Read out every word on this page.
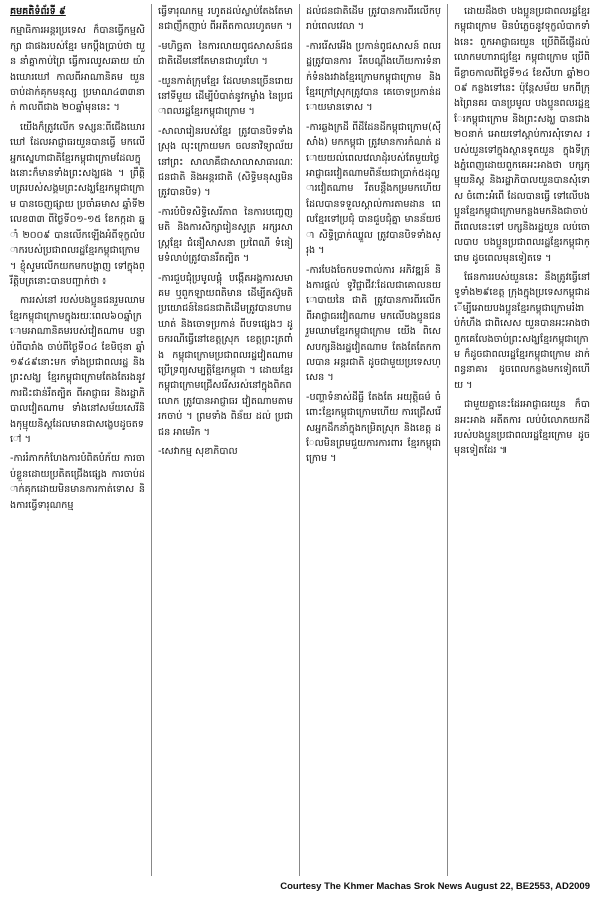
គមគតិទំព័រទី ៩

កម្មាធិការអន្តរប្រទេស ក៏បានធ្វើកម្មសិក្សា ជាផងរបស់ខ្មែរ មកប្តឹងប្រាប់ថា យួន នាំគ្នាកាប់ព្រៃ ធ្វើការឈូសឆាយ យ៉ាងឃោរឃៅ កាលពីអាណានិគម យួន ចាប់ដាក់គុកមនុស្ស ប្រមាណ៤៣៣នាក់ កាលពីជាង ២០ឆ្នាំមុននេះ ។

យើងក៏ត្រូវលើក ទស្សនៈពីជើងឃោរឃៅ ដែលអាជ្ញាធរយួនបានធ្វើ មកលើអ្នកស្នេហាជាតិខ្មែរកម្ពុជាក្រោមដែលក្នុងនោះក៏មានទាំងព្រះសង្ឃផង ។ ព្រឹត្តិបត្ររបស់សង្គមព្រះសង្ឃខ្មែរកម្ពុជាក្រោម បានចេញផ្សាយ ប្រចាំឆមាស ឆ្នាំទី២ លេខ៣៣ ពីថ្ងៃទី០១-១៥ ខែកក្កដា ឆ្នាំ ២០០៩ បានលើកឡើងអំពីទុក្ខលំបាករបស់ប្រជាពលរដ្ឋខ្មែរកម្ពុជាក្រោម ។ ខ្ញុំសូមលើកយកមកបង្ហាញ ទៅក្នុងព្រឹត្តិបត្រនោះបានបញ្ជាក់ថា ៖

ការរស់នៅ របស់បងប្អូនជនរួមឈាមខ្មែរកម្ពុជាក្រោមក្នុងរយៈពេល៦០ឆ្នាំក្រោមអាណានិគមរបស់វៀតណាម បន្ទាប់ពីបារាំង ចាប់ពីថ្ងៃទី០៤ ខែមិថុនា ឆ្នាំ១៩៤៩នោះមក ទាំងប្រជាពលរដ្ឋ និងព្រះសង្ឃ ខ្មែរកម្ពុជាក្រោមតែងតែរងនូវការជិះជាន់រឹតត្បិត ពីអាជ្ញាធរ និងរដ្ឋាភិបាលវៀតណាម ទាំងនៅសម័យសេរីនិងកុម្មុយនិស្តដែលមានជាសង្ខេបដូចតទៅ ។

-ការរំភាកកំហែងការបំពិតបំភ័យ ការចាប់ខ្លួនដោយប្រតិតជ្រើងផ្សេង ការចាប់ដាក់គុកដោយមិនមានការកាត់ទោស និងការធ្វើទារុណកម្ម

ធ្វើទារុណកម្ម រហូតដល់ស្លាប់តែងតែមានជាញឹកញាប់ ពីអតីតកាលរហូតមក ។

-មហិច្ឆតា នៃការលាយពូជសាសន៍ជនជាតិដើមនៅតែមានជាហូរហែ ។

-យួនកាត់ក្រុមខ្មែរ ដែលមានច្រើនរោយនៅទីមួយ ដើម្បីបំបាត់នូវកម្លាំង នៃប្រជាពលរដ្ឋខ្មែរកម្ពុជាក្រោម ។

-សាលារៀនរបស់ខ្មែរ ត្រូវបានបិទទាំងស្រុង លុះក្រោយមក ចលនាវិទ្យាល័យនៅព្រះ សាលាគឺជាសាលាសាធារណៈ ជនជាតិ និងអន្តរជាតិ (សិទ្ធិមនុស្សមិនត្រូវបានបិទ) ។

-ការបំបិទសិទ្ធិសេរីភាព នៃការបញ្ចេញមតិ និងការសិក្សារៀនសូត្រ អក្សរសាស្ត្រខ្មែរ ជំនឿសាសនា ប្រពៃណី ទំនៀមទំលាប់ត្រូវបានរឹតត្បិត ។

-ការជួបជុំប្រមូលផ្តុំ បង្កើតអង្គការសមាគម ឬពួកឡាយពតិមាន ដើម្បីតស៊ូមតិប្រយោជន៍នៃជនជាតិដើមត្រូវបានហាមឃាត់ និងចោទប្រកាន់ ពីបទផ្សេងៗ ដូចករណីធ្វើនៅខេត្តស្រុក ខេត្តព្រះត្រពាំង កម្ពុជាក្រោមប្រជាពលរដ្ឋវៀតណាម ប្រើទ្រព្យសម្បត្តិខ្មែរកម្ពុជា ។ ដោយខ្មែរកម្ពុជាក្រោមជ្រើសរើសរស់នៅក្នុងពិភពលោក ត្រូវបានអាជ្ញាធរ វៀតណាមតាមរកចាប់ ។ ព្រមទាំង ពិន័យ ដល់ ប្រជាជន អាមេរិក ។

-សេវាកម្ម សុខាភិបាល

ដល់ជនជាតិដើម ត្រូវបានការពីរលើកប្រាប់ពេលវេលា ។

-ការរើសអើង ប្រកាន់ពូជសាសន៍ ពលរដ្ឋត្រូវបានការ រឹតបណ្តឹងហើយការទំនាក់ទំនងរវាងខ្មែរក្រោមកម្ពុជាក្រោម និងខ្មែរក្រៅស្រុកត្រូវបាន គេចោទប្រកាន់ដោយមានទោស ។

-ការឆ្លងក្រដី ពីដីដែនដីកម្ពុជាក្រោម(ស៊ីសាំង) មកកម្ពុជា ត្រូវមានការកំណត់ ដោយយល់ពេលវេលាដុំរបស់តែមួយថ្ងៃ អាជ្ញាធរវៀតណាមពិន័យជាប្រាក់៥ដុល្លារវៀតណាម រឹតបន្តឹងកម្រមកហើយ ដែលបានទទួលស្គាល់ការតាមដាន ពេលខ្មែរទៅប្រជុំ បានជួបជុំគ្នា មានន័យថា សិទ្ធិប្រាក់ឈ្នួល ត្រូវបានបិទទាំងស្រុង ។

-ការបែងចែកបទពាល់ការ អភិវឌ្ឍន៍ និងការផ្តល់ ទូវិជ្ជាជីវៈដែលជាគោលនយោបាយនៃ ជាតិ ត្រូវបានការពីរលើក ពីអាជ្ញាធរវៀតណាម មកលើបងប្អូនជនរួមឈាមខ្មែរកម្ពុជាក្រោម យើង ពិសេសបក្សនិងរដ្ឋវៀតណាម តែងតែតែកកាលបាន អន្តរជាតិ ដូចជាមួយប្រទេសហ្សេន ។

-បញ្ហាទំនាស់ដីធ្លី តែងតែ អយុត្តិធម៌ ចំពោះខ្មែរកម្ពុជាក្រោមហើយ ការជ្រើសរើសអ្នកដឹកនាំក្នុងកម្រិតស្រុក និងខេត្ត ដែលមិនព្រមជួយការការពារ ខ្មែរកម្ពុជាក្រោម ។

ដោយដឹងថា បងប្អូនប្រជាពលរដ្ឋខ្មែរកម្ពុជាក្រោម មិនបំភ្លេចនូវទុក្ខលំបាកទាំងនេះ ពួកអាជ្ញាធរយួន ប្រើពិធីផ្ញើដល់ លោកមហារាជ្យខ្មែរ កម្ពុជាក្រោម ប្រើពិធីខ្លាចកាលពីថ្ងៃទី១៤ ខែសីហា ឆ្នាំ២០០៩ កន្លងទៅនេះ ប៉ុន្តែសម័យ មកពីក្រុងព្រៃនគរ បានប្រមូល បងប្អូនពលរដ្ឋខ្មែរកម្ពុជាក្រោម និងព្រះសង្ឃ បានជាង២០នាក់ អោយទៅស្តាប់ការសុំទោស របស់យួនទៅក្នុងស្ថានទូតយួន ក្នុងទីក្រុងភ្នំពេញដោយពួកគេអះអាងថា បក្សកុម្មុយនិស្ត និងរដ្ឋាភិបាលយួនបានសុំទោស ចំពោះអំពើ ដែលបានធ្វើ ទៅលើបងប្អូនខ្មែរកម្ពុជាក្រោមកន្លងមកនិងជាចាប់ពីពេលនេះទៅ បក្សនិងរដ្ឋយួន លប់ចោលបាប បងប្អូនប្រជាពលរដ្ឋខ្មែរកម្ពុជាក្រោម ដូចពេលមុនទៀតទេ ។

ផែនការរបស់យួននេះ នឹងត្រូវធ្វើនៅទូទាំង២៩ខេត្ត ក្រុងក្នុងប្រទេសកម្ពុជាដើម្បីអោយបងប្អូនខ្មែរកម្ពុជាក្រោមរំងាប់កំហឹង ជាពិសេស យួនបានអះអាងថា ពួកគេលែងចាប់ព្រះសង្ឃខ្មែរកម្ពុជាក្រោម ក៏ដូចជាពលរដ្ឋខ្មែរកម្ពុជាក្រោម ដាក់ពន្ធនាគារ ដូចពេលកន្លងមកទៀតហើយ ។

ជាមួយគ្នានេះដែរអាជ្ញាធរយួន ក៏បានអះអាង អតីតការ លប់បំលោភយកដី របស់បងប្អូនប្រជាពលរដ្ឋខ្មែរក្រោម ដូចមុនទៀតដែរ ៕

Courtesy The Khmer Machas Srok News August 22, BE2553, AD2009
